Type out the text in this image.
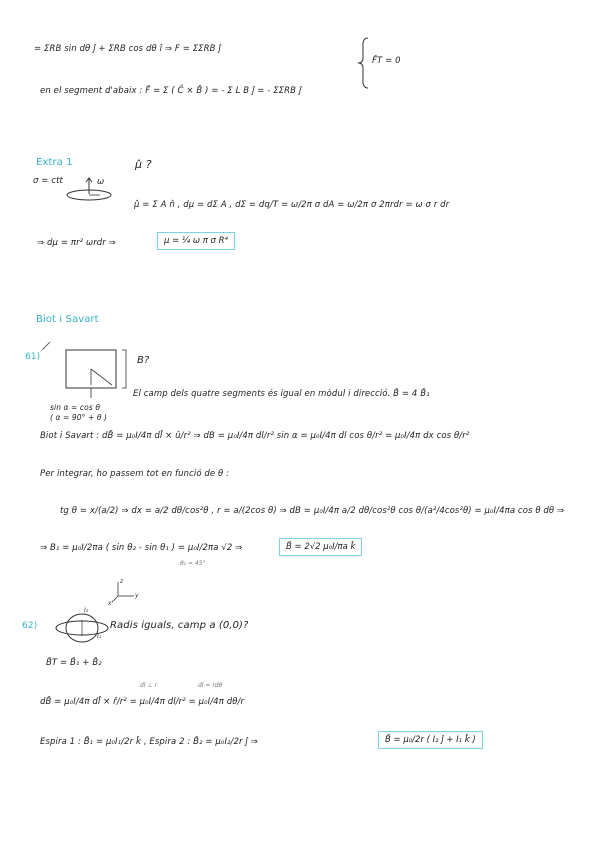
= ΣRB sin dθ ĵ + ΣRB cos dθ î ⇒ F = ΣΣRB ĵ
F̂T = 0
en el segment d'abaix : F̂ = Σ ( Ĉ × B̂ ) = - Σ L B ĵ = - ΣΣRB ĵ
Extra 1	μ̂ ?
σ = ctt	ω
μ̂ = Σ A n̂ , dμ = dΣ A , dΣ = dq/T = ω/2π σ dA = ω/2π σ 2πrdr = ω σ r dr
⇒ dμ = πr² ωrdr ⇒	μ = ¼ ω π σ R⁴
Biot i Savart
61)	B?
El camp dels quatre segments és igual en mòdul i direcció. B̂ = 4 B̂₁
sin α = cos θ
( α = 90° + θ )
Biot i Savart : dB̂ = μ₀I/4π dl̂ × û/r² ⇒ dB = μ₀I/4π dl/r² sin α = μ₀I/4π dl cos θ/r² = μ₀I/4π dx cos θ/r²
Per integrar, ho passem tot en funció de θ :
tg θ = x/(a/2) ⇒ dx = a/2 dθ/cos²θ , r = a/(2cos θ) ⇒ dB = μ₀I/4π a/2 dθ/cos²θ cos θ/(a²/4cos²θ) = μ₀I/4πa cos θ dθ ⇒
⇒ B₁ = μ₀I/2πa ( sin θ₂ - sin θ₁ ) = μ₀I/2πa √2 ⇒	B̂ = 2√2 μ₀I/πa k̂
θ₂ = 45°
z
y
x
62)
I₂
I₁
Radis iguals, camp a (0,0)?
B̂T = B̂₁ + B̂₂
dl ⊥ r	dl = rdθ
dB̂ = μ₀I/4π dl̂ × r̂/r² = μ₀I/4π dl/r² = μ₀I/4π dθ/r
Espira 1 : B̂₁ = μ₀I₁/2r k̂ , Espira 2 : B̂₂ = μ₀I₂/2r ĵ ⇒	B̂ = μ₀/2r ( I₂ ĵ + I₁ k̂ )
